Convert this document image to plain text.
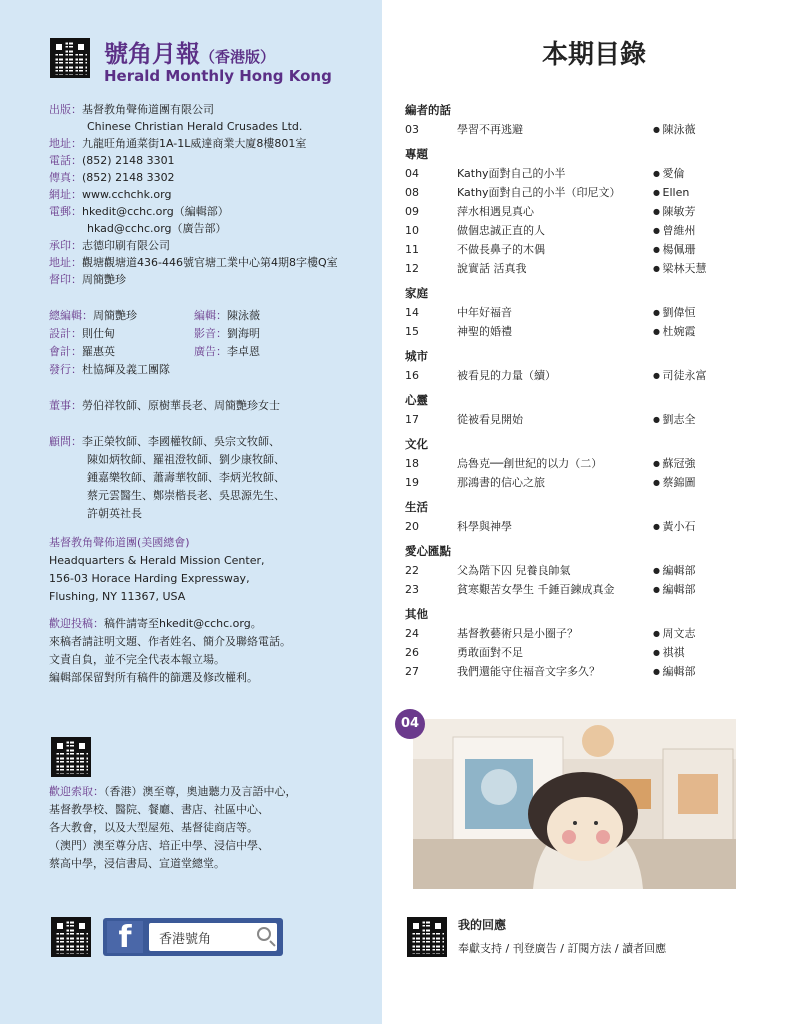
號角月報（香港版）
Herald Monthly Hong Kong
出版：基督教角聲佈道團有限公司
Chinese Christian Herald Crusades Ltd.
地址：九龍旺角通菜街1A-1L威達商業大廈8樓801室
電話：(852) 2148 3301
傳真：(852) 2148 3302
網址：www.cchchk.org
電郵：hkedit@cchc.org（編輯部）
hkad@cchc.org（廣告部）
承印：志德印刷有限公司
地址：觀塘觀塘道436-446號官塘工業中心第4期8字樓Q室
督印：周簡艷珍
總編輯：周簡艷珍	編輯：陳泳薇
設計：則仕甸	影音：劉海明
會計：羅惠英	廣告：李卓恩
發行：杜協輝及義工團隊
董事：勞伯祥牧師、原樹華長老、周簡艷珍女士
顧問：李正榮牧師、李國權牧師、吳宗文牧師、
陳如炳牧師、羅祖澄牧師、劉少康牧師、
鍾嘉樂牧師、蕭壽華牧師、李炳光牧師、
蔡元雲醫生、鄭崇楷長老、吳思源先生、
許朝英社長
基督教角聲佈道團(美國總會)
Headquarters & Herald Mission Center,
156-03 Horace Harding Expressway,
Flushing, NY 11367, USA
歡迎投稿：稿件請寄至hkedit@cchc.org。
來稿者請註明文題、作者姓名、簡介及聯絡電話。
文責自負，並不完全代表本報立場。
編輯部保留對所有稿件的篩選及修改權利。
歡迎索取：（香港）澳至尊，奧迪聽力及言語中心，
基督教學校、醫院、餐廳、書店、社區中心、
各大教會，以及大型屋苑、基督徒商店等。
（澳門）澳至尊分店、培正中學、浸信中學、
蔡高中學，浸信書局、宣道堂總堂。
f	香港號角
本期目錄
編者的話
03	學習不再逃避	● 陳泳薇
專題
04	Kathy面對自己的小半	● 愛倫
08	Kathy面對自己的小半（印尼文）	● Ellen
09	萍水相遇見真心	● 陳敏芳
10	做個忠誠正直的人	● 曾維州
11	不做長鼻子的木偶	● 楊佩珊
12	說實話 活真我	● 梁林天慧
家庭
14	中年好福音	● 劉偉恒
15	神聖的婚禮	● 杜婉霞
城市
16	被看見的力量（續）	● 司徒永富
心靈
17	從被看見開始	● 劉志全
文化
18	烏魯克──創世紀的以力（二）	● 蘇冠強
19	那鴻書的信心之旅	● 蔡錦圖
生活
20	科學與神學	● 黃小石
愛心匯點
22	父為階下囚 兒養良帥氣	● 編輯部
23	貧寒艱苦女學生 千錘百鍊成真金	● 編輯部
其他
24	基督教藝術只是小圈子？	● 周文志
26	勇敢面對不足	● 祺祺
27	我們還能守住福音文字多久？	● 編輯部
04
我的回應
奉獻支持 / 刊登廣告 / 訂閱方法 / 讀者回應
